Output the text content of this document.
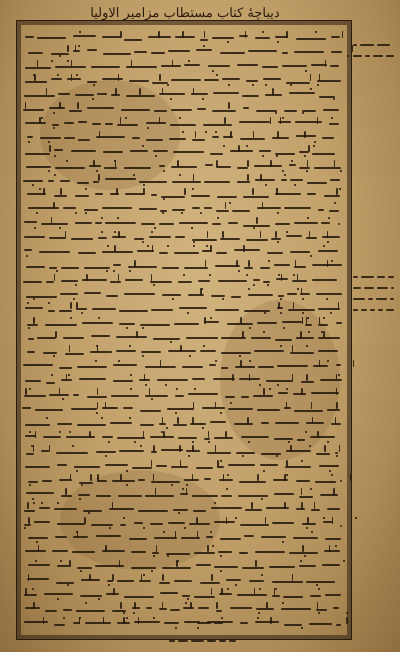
دیباچهٔ کتاب مستطاب مزامیر الاولیا
